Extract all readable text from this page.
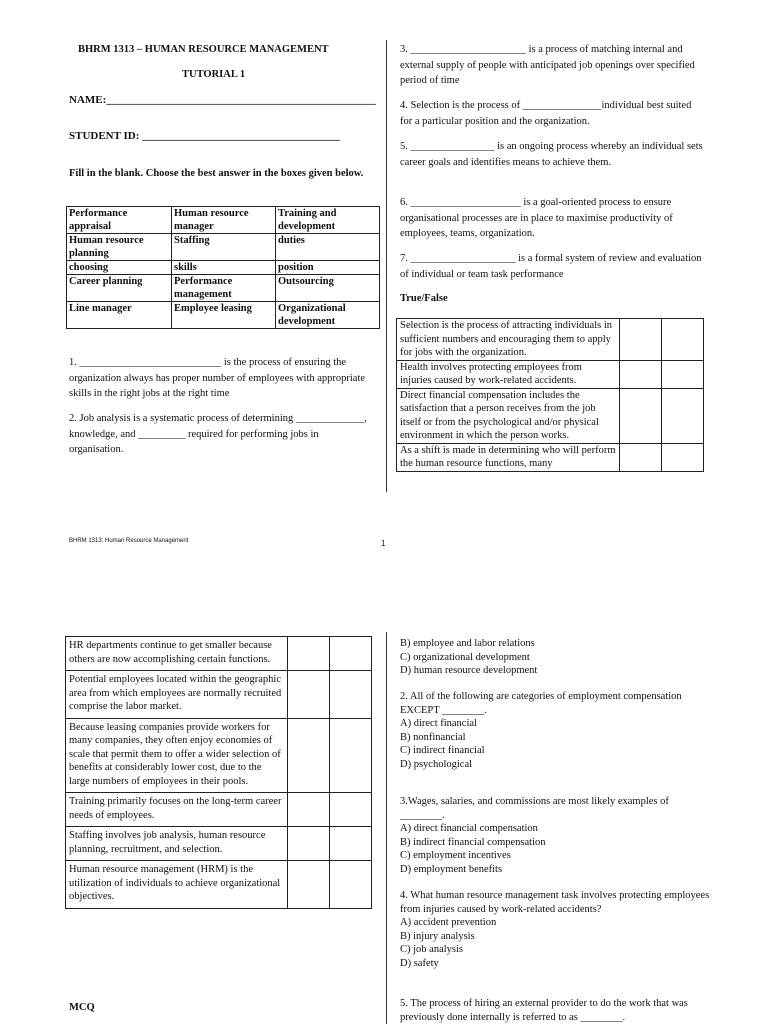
BHRM 1313 – HUMAN RESOURCE MANAGEMENT
TUTORIAL 1
NAME:_________________________________________________
STUDENT ID: ____________________________________
Fill in the blank. Choose the best answer in the boxes given below.
Performance appraisal	Human resource manager	Training and development
Human resource planning	Staffing	duties
choosing	skills	position
Career planning	Performance management	Outsourcing
Line manager	Employee leasing	Organizational development
1. ___________________________ is the process of ensuring the organization always has proper number of employees with appropriate skills in the right jobs at the right time
2. Job analysis is a systematic process of determining _____________, knowledge, and _________ required for performing jobs in organisation.
3. ______________________ is a process of matching internal and external supply of people with anticipated job openings over specified period of time
4. Selection is the process of _______________individual best suited for a particular position and the organization.
5. ________________ is an ongoing process whereby an individual sets career goals and identifies means to achieve them.
6. _____________________ is a goal-oriented process to ensure organisational processes are in place to maximise productivity of employees, teams, organization.
7. ____________________ is a formal system of review and evaluation of individual or team task performance
True/False
Selection is the process of attracting individuals in sufficient numbers and encouraging them to apply for jobs with the organization.		
Health involves protecting employees from injuries caused by work-related accidents.		
Direct financial compensation includes the satisfaction that a person receives from the job itself or from the psychological and/or physical environment in which the person works.		
As a shift is made in determining who will perform the human resource functions, many		
BHRM 1313: Human Resource Management	1
HR departments continue to get smaller because others are now accomplishing certain functions.		
Potential employees located within the geographic area from which employees are normally recruited comprise the labor market.		
Because leasing companies provide workers for many companies, they often enjoy economies of scale that permit them to offer a wider selection of benefits at considerably lower cost, due to the large numbers of employees in their pools.		
Training primarily focuses on the long-term career needs of employees.		
Staffing involves job analysis, human resource planning, recruitment, and selection.		
Human resource management (HRM) is the utilization of individuals to achieve organizational objectives.		
MCQ
B) employee and labor relations
C) organizational development
D) human resource development
2. All of the following are categories of employment compensation EXCEPT ________.
A) direct financial
B) nonfinancial
C) indirect financial
D) psychological
3.Wages, salaries, and commissions are most likely examples of ________.
A) direct financial compensation
B) indirect financial compensation
C) employment incentives
D) employment benefits
4. What human resource management task involves protecting employees from injuries caused by work-related accidents?
A) accident prevention
B) injury analysis
C) job analysis
D) safety
5. The process of hiring an external provider to do the work that was previously done internally is referred to as ________.
